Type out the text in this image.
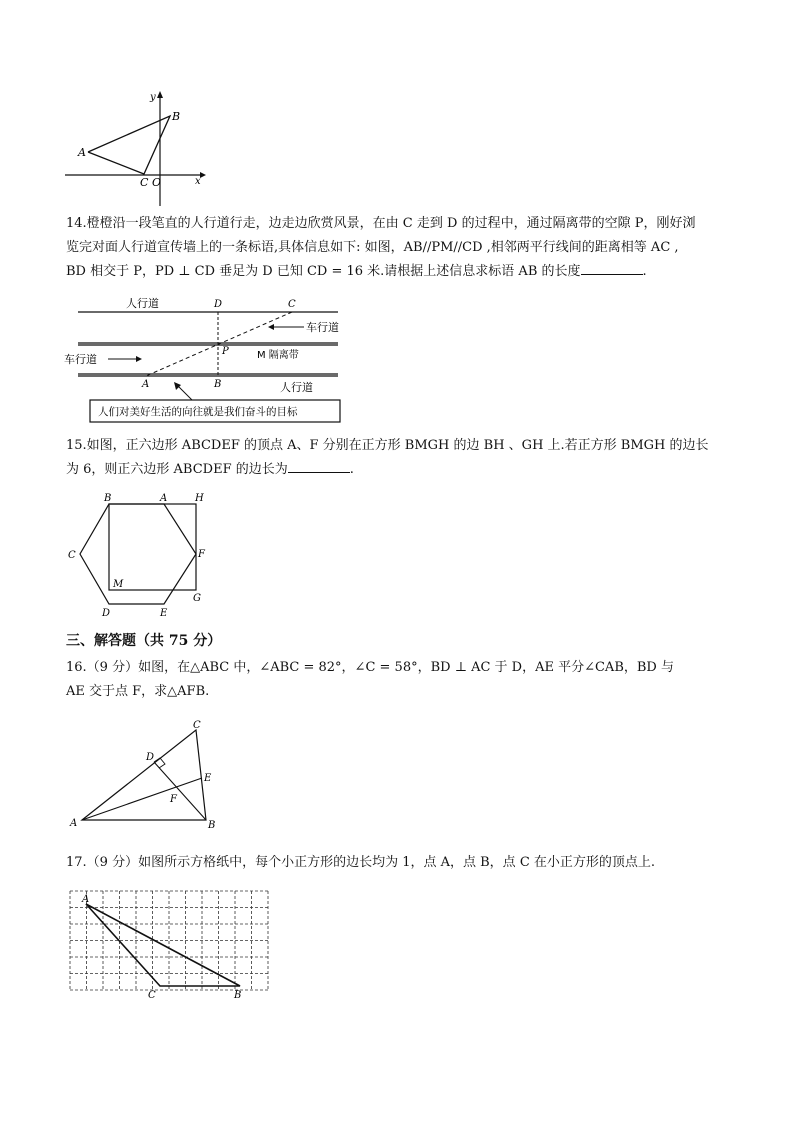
y
x
A
B
C O
14.橙橙沿一段笔直的人行道行走，边走边欣赏风景，在由 C 走到 D 的过程中，通过隔离带的空隙 P，刚好浏
览完对面人行道宣传墙上的一条标语,具体信息如下: 如图，AB//PM//CD ,相邻两平行线间的距离相等 AC ,
BD 相交于 P，PD ⊥ CD 垂足为 D 已知 CD = 16 米.请根据上述信息求标语 AB 的长度	.
人行道	D	C
车行道
P	M 隔离带
车行道
A	B	人行道
人们对美好生活的向往就是我们奋斗的目标
15.如图，正六边形 ABCDEF 的顶点 A、F 分别在正方形 BMGH 的边 BH 、GH 上.若正方形 BMGH 的边长
为 6，则正六边形 ABCDEF 的边长为	.
B	A	H
C	F
M
D	E
G
三、解答题（共 75 分）
16.（9 分）如图，在△ABC 中，∠ABC = 82°，∠C = 58°，BD ⊥ AC 于 D，AE 平分∠CAB，BD 与
AE 交于点 F，求△AFB.
C
D
E
F
A	B
17.（9 分）如图所示方格纸中，每个小正方形的边长均为 1，点 A，点 B，点 C 在小正方形的顶点上.
A
C	B
